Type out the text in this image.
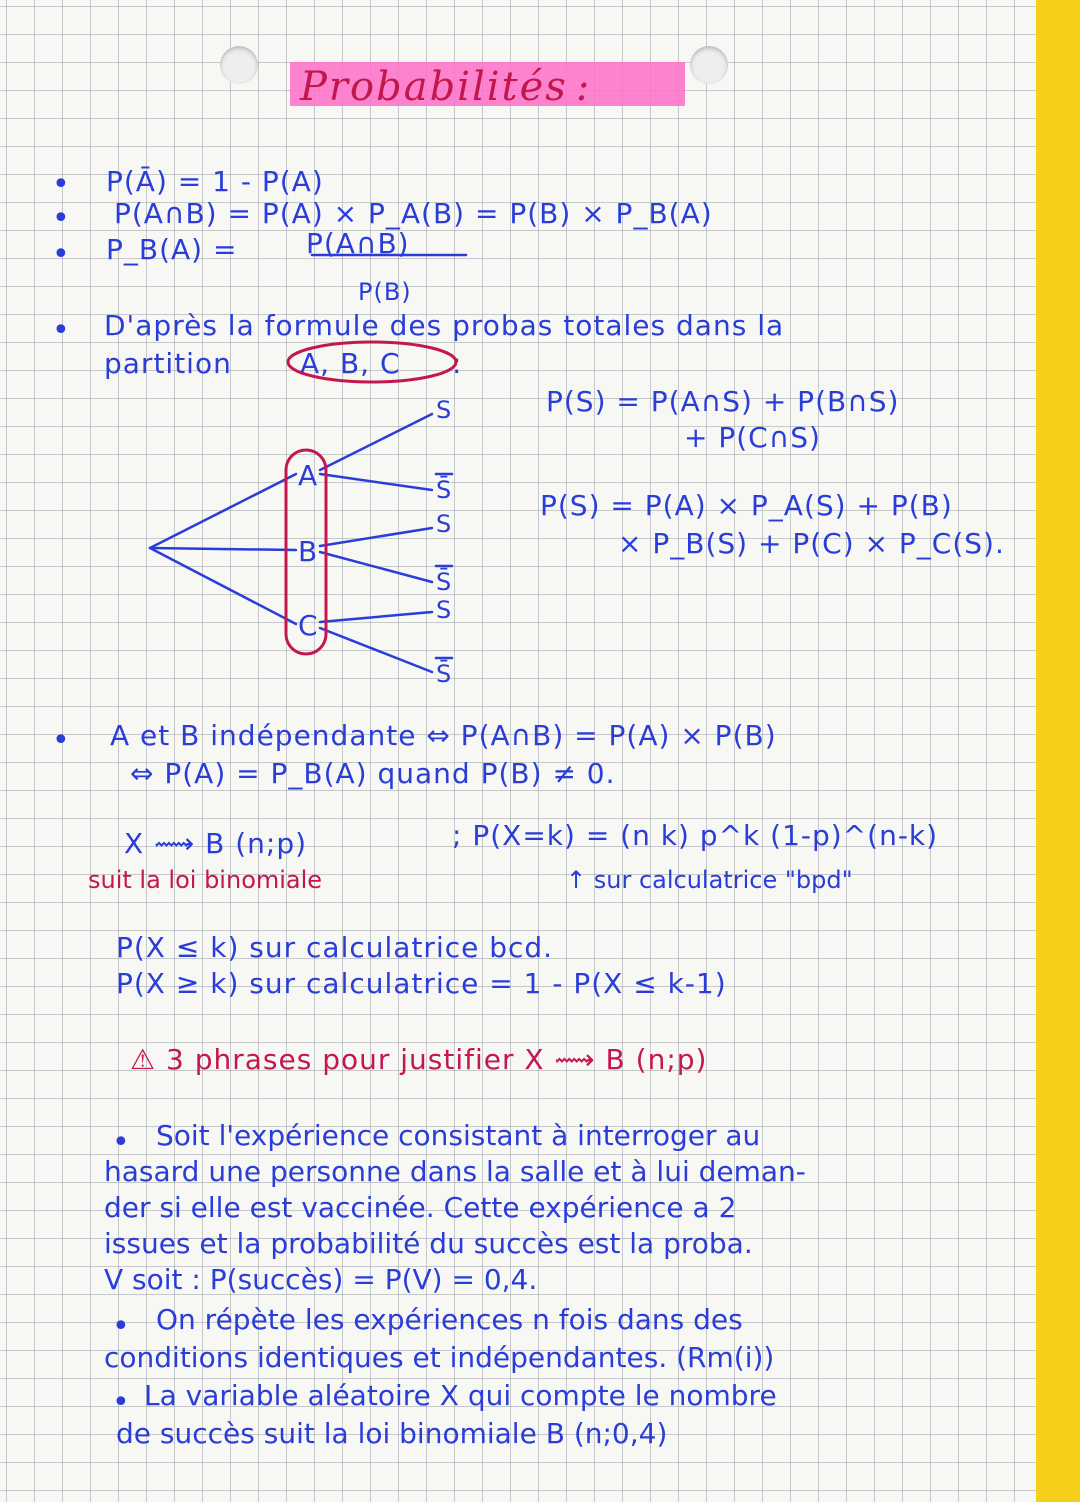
Probabilités :
• P(Ā) = 1 - P(A)
• P(A∩B) = P(A) × P_A(B) = P(B) × P_B(A)
• P_B(A) = P(A∩B)
P(B)
• D'après la formule des probas totales dans la
partition A, B, C :
P(S) = P(A∩S) + P(B∩S)
+ P(C∩S)
P(S) = P(A) × P_A(S) + P(B)
× P_B(S) + P(C) × P_C(S).
A
B
C
S
S̄
S
S̄
S
S̄
• A et B indépendante ⇔ P(A∩B) = P(A) × P(B)
⇔ P(A) = P_B(A) quand P(B) ≠ 0.
X ⟿ B (n;p)
suit la loi binomiale
; P(X=k) = (n k) p^k (1-p)^(n-k)
↑ sur calculatrice "bpd"
P(X ≤ k) sur calculatrice bcd.
P(X ≥ k) sur calculatrice = 1 - P(X ≤ k-1)
⚠ 3 phrases pour justifier X ⟿ B (n;p)
• Soit l'expérience consistant à interroger au
hasard une personne dans la salle et à lui deman-
der si elle est vaccinée. Cette expérience a 2
issues et la probabilité du succès est la proba.
V soit : P(succès) = P(V) = 0,4.
• On répète les expériences n fois dans des
conditions identiques et indépendantes. (Rm(i))
• La variable aléatoire X qui compte le nombre
de succès suit la loi binomiale B (n;0,4)
